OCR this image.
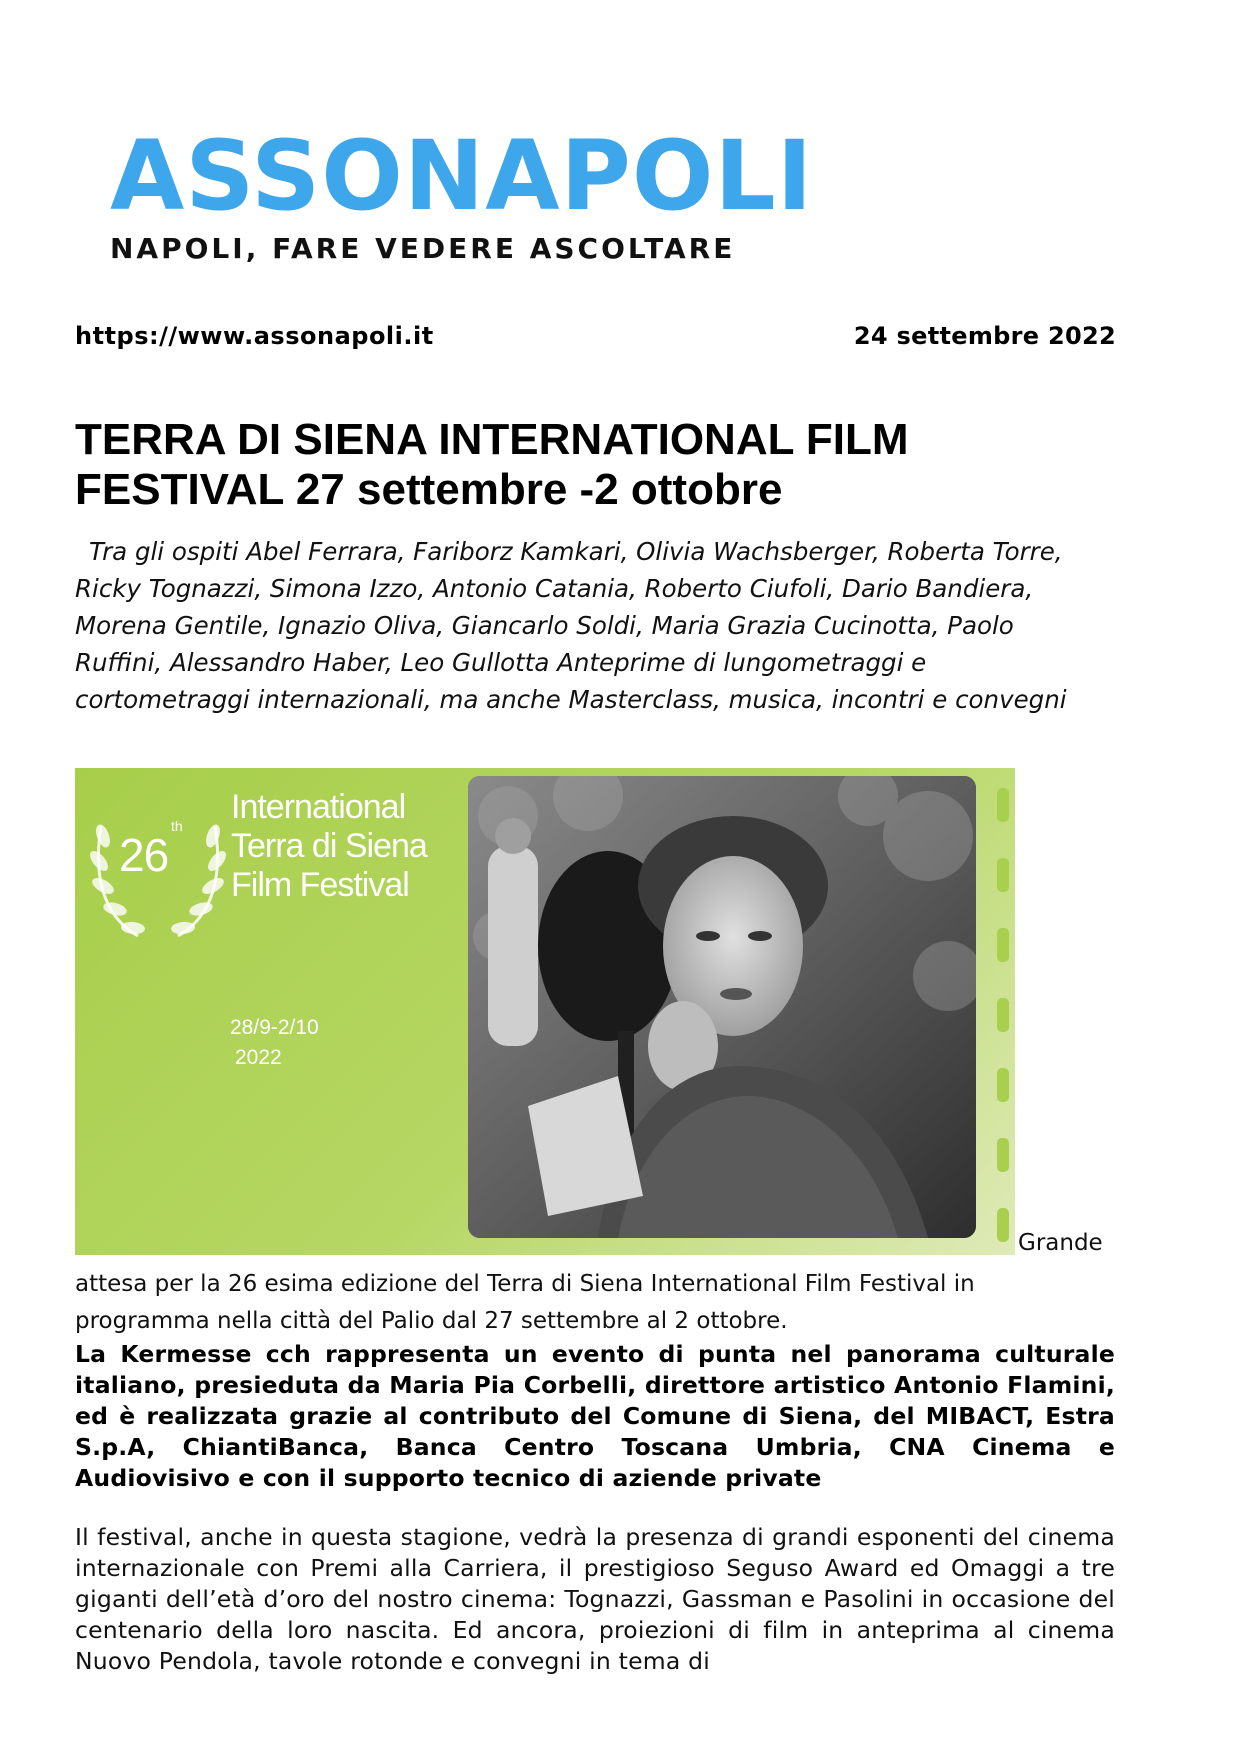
ASSONAPOLI
NAPOLI, FARE VEDERE ASCOLTARE
https://www.assonapoli.it	24 settembre 2022
TERRA DI SIENA INTERNATIONAL FILM
FESTIVAL 27 settembre -2 ottobre
Tra gli ospiti Abel Ferrara, Fariborz Kamkari, Olivia Wachsberger, Roberta Torre,
Ricky Tognazzi, Simona Izzo, Antonio Catania, Roberto Ciufoli, Dario Bandiera,
Morena Gentile, Ignazio Oliva, Giancarlo Soldi, Maria Grazia Cucinotta, Paolo
Ruffini, Alessandro Haber, Leo Gullotta Anteprime di lungometraggi e
cortometraggi internazionali, ma anche Masterclass, musica, incontri e convegni
26
th International
Terra di Siena
Film Festival
28/9-2/10
2022
Grande
attesa per la 26 esima edizione del Terra di Siena International Film Festival in
programma nella città del Palio dal 27 settembre al 2 ottobre.
La Kermesse cch rappresenta un evento di punta nel panorama culturale italiano, presieduta da Maria Pia Corbelli, direttore artistico Antonio Flamini, ed è realizzata grazie al contributo del Comune di Siena, del MIBACT, Estra S.p.A, ChiantiBanca, Banca Centro Toscana Umbria, CNA Cinema e Audiovisivo e con il supporto tecnico di aziende private
Il festival, anche in questa stagione, vedrà la presenza di grandi esponenti del cinema internazionale con Premi alla Carriera, il prestigioso Seguso Award ed Omaggi a tre giganti dell’età d’oro del nostro cinema: Tognazzi, Gassman e Pasolini in occasione del centenario della loro nascita. Ed ancora, proiezioni di film in anteprima al cinema Nuovo Pendola, tavole rotonde e convegni in tema di
